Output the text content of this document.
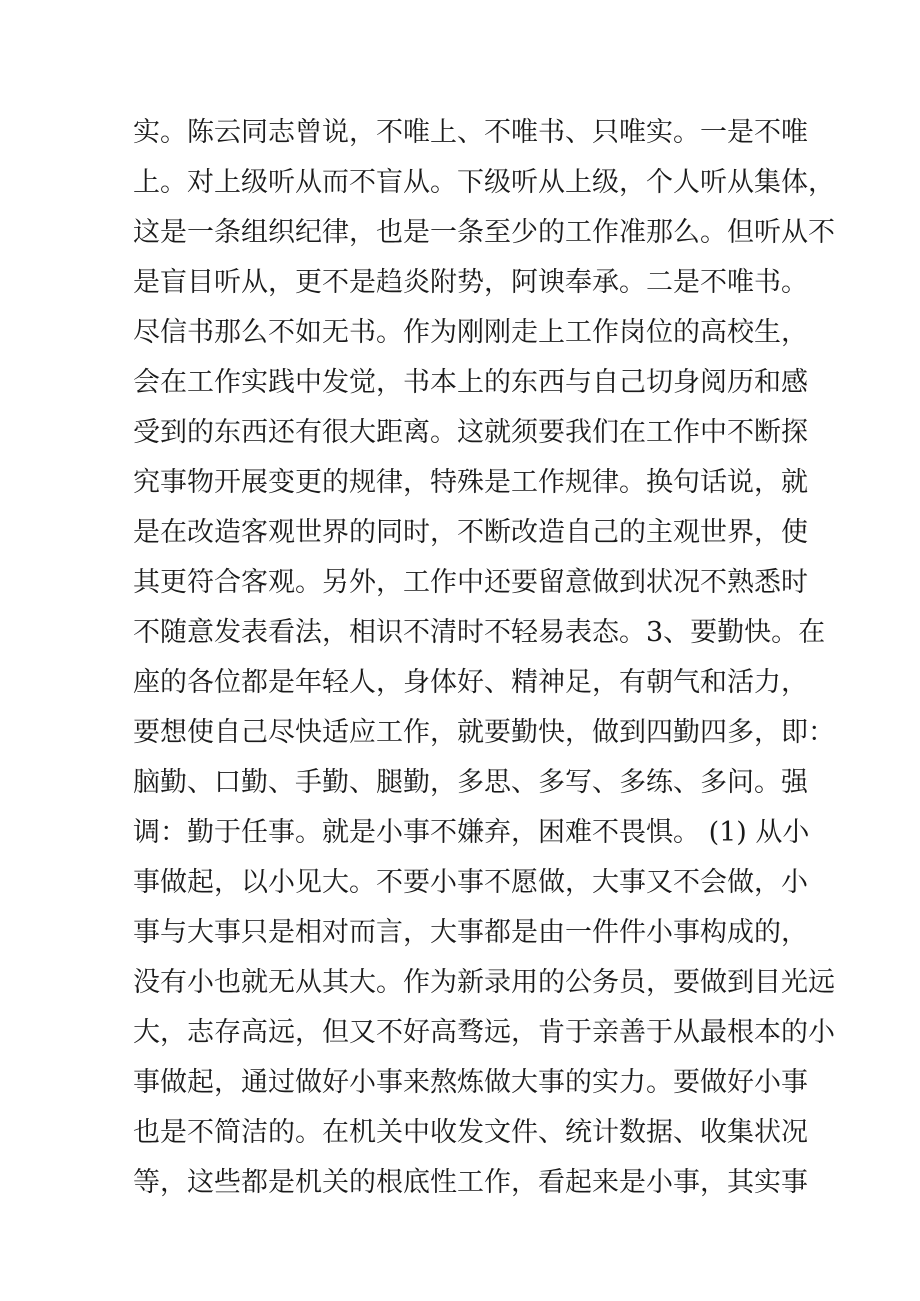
实。陈云同志曾说，不唯上、不唯书、只唯实。一是不唯
上。对上级听从而不盲从。下级听从上级，个人听从集体，
这是一条组织纪律，也是一条至少的工作准那么。但听从不
是盲目听从，更不是趋炎附势，阿谀奉承。二是不唯书。
尽信书那么不如无书。作为刚刚走上工作岗位的高校生，
会在工作实践中发觉，书本上的东西与自己切身阅历和感
受到的东西还有很大距离。这就须要我们在工作中不断探
究事物开展变更的规律，特殊是工作规律。换句话说，就
是在改造客观世界的同时，不断改造自己的主观世界，使
其更符合客观。另外，工作中还要留意做到状况不熟悉时
不随意发表看法，相识不清时不轻易表态。3、要勤快。在
座的各位都是年轻人，身体好、精神足，有朝气和活力，
要想使自己尽快适应工作，就要勤快，做到四勤四多，即：
脑勤、口勤、手勤、腿勤，多思、多写、多练、多问。强
调：勤于任事。就是小事不嫌弃，困难不畏惧。 (1) 从小
事做起，以小见大。不要小事不愿做，大事又不会做，小
事与大事只是相对而言，大事都是由一件件小事构成的，
没有小也就无从其大。作为新录用的公务员，要做到目光远
大，志存高远，但又不好高骛远，肯于亲善于从最根本的小
事做起，通过做好小事来熬炼做大事的实力。要做好小事
也是不简洁的。在机关中收发文件、统计数据、收集状况
等，这些都是机关的根底性工作，看起来是小事，其实事
